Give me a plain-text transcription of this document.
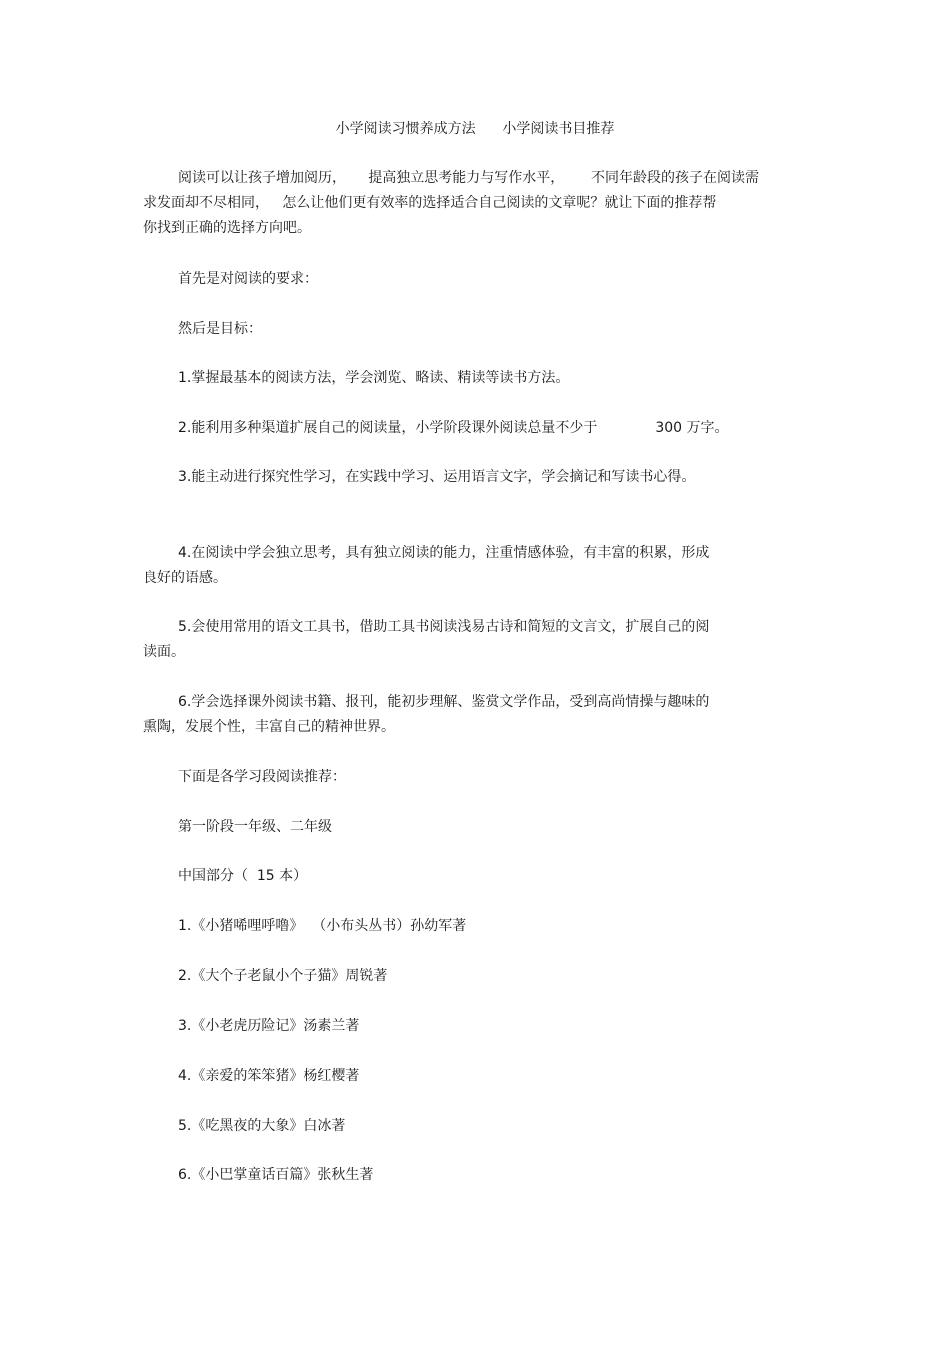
小学阅读习惯养成方法      小学阅读书目推荐
阅读可以让孩子增加阅历，     提高独立思考能力与写作水平，      不同年龄段的孩子在阅读需
求发面却不尽相同，   怎么让他们更有效率的选择适合自己阅读的文章呢？就让下面的推荐帮
你找到正确的选择方向吧。
首先是对阅读的要求：
然后是目标：
1.掌握最基本的阅读方法，学会浏览、略读、精读等读书方法。
2.能利用多种渠道扩展自己的阅读量，小学阶段课外阅读总量不少于	300 万字。
3.能主动进行探究性学习，在实践中学习、运用语言文字，学会摘记和写读书心得。
4.在阅读中学会独立思考，具有独立阅读的能力，注重情感体验，有丰富的积累，形成
良好的语感。
5.会使用常用的语文工具书，借助工具书阅读浅易古诗和简短的文言文，扩展自己的阅
读面。
6.学会选择课外阅读书籍、报刊，能初步理解、鉴赏文学作品，受到高尚情操与趣味的
熏陶，发展个性，丰富自己的精神世界。
下面是各学习段阅读推荐：
第一阶段一年级、二年级
中国部分（  15 本）
1.《小猪唏哩呼噜》  （小布头丛书）孙幼军著
2.《大个子老鼠小个子猫》周锐著
3.《小老虎历险记》汤素兰著
4.《亲爱的笨笨猪》杨红樱著
5.《吃黑夜的大象》白冰著
6.《小巴掌童话百篇》张秋生著
